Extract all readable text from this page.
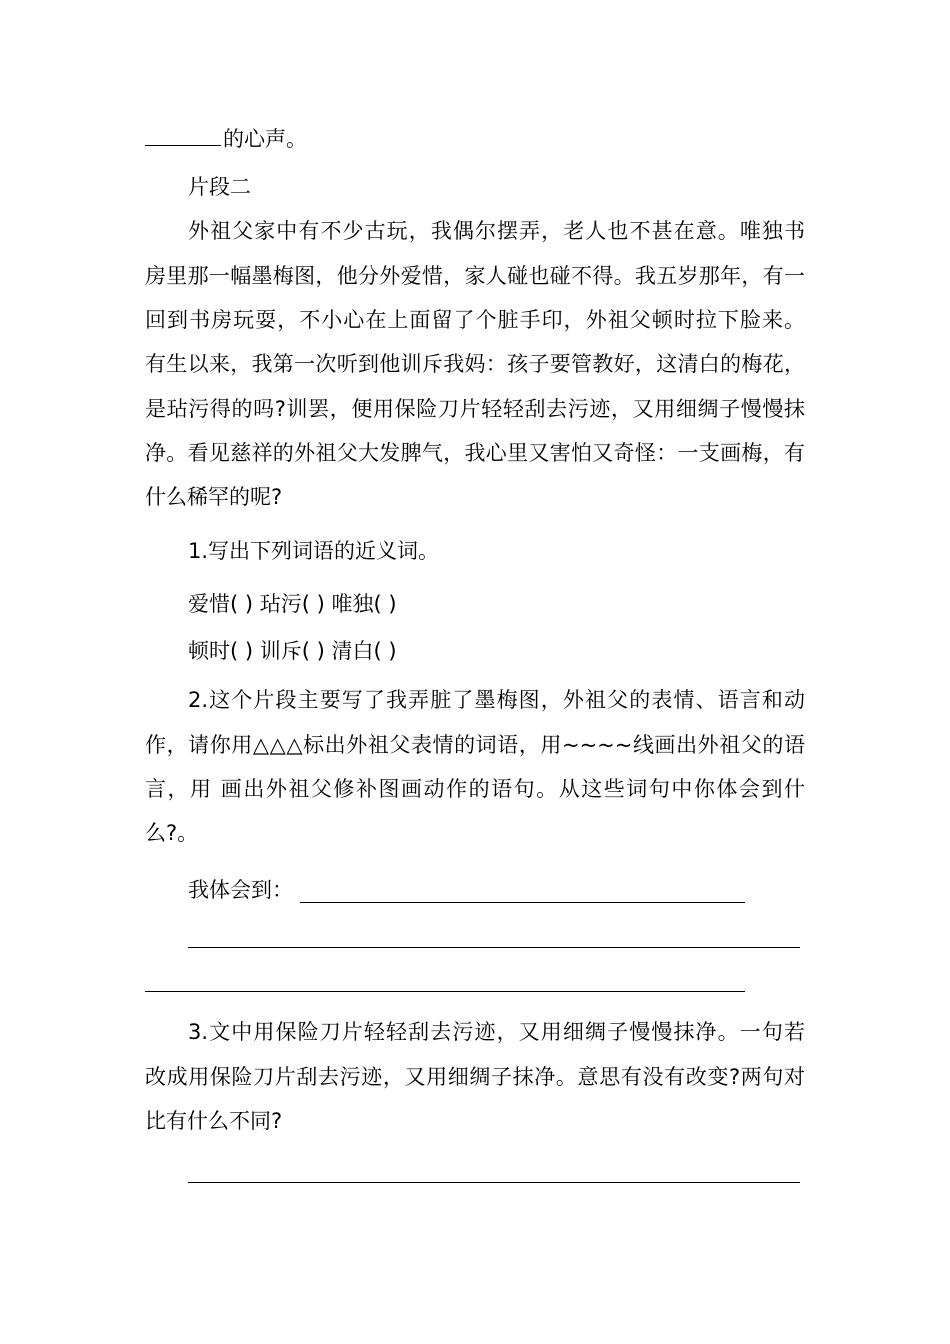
的心声。
片段二
外祖父家中有不少古玩，我偶尔摆弄，老人也不甚在意。唯独书
房里那一幅墨梅图，他分外爱惜，家人碰也碰不得。我五岁那年，有一
回到书房玩耍，不小心在上面留了个脏手印，外祖父顿时拉下脸来。
有生以来，我第一次听到他训斥我妈：孩子要管教好，这清白的梅花，
是玷污得的吗?训罢，便用保险刀片轻轻刮去污迹，又用细绸子慢慢抹
净。看见慈祥的外祖父大发脾气，我心里又害怕又奇怪：一支画梅，有
什么稀罕的呢?
1.写出下列词语的近义词。
爱惜( ) 玷污( ) 唯独( )
顿时( ) 训斥( ) 清白( )
2.这个片段主要写了我弄脏了墨梅图，外祖父的表情、语言和动
作，请你用△△△标出外祖父表情的词语，用~~~~线画出外祖父的语
言，用 画出外祖父修补图画动作的语句。从这些词句中你体会到什
么?。
我体会到：
3.文中用保险刀片轻轻刮去污迹，又用细绸子慢慢抹净。一句若
改成用保险刀片刮去污迹，又用细绸子抹净。意思有没有改变?两句对
比有什么不同?
